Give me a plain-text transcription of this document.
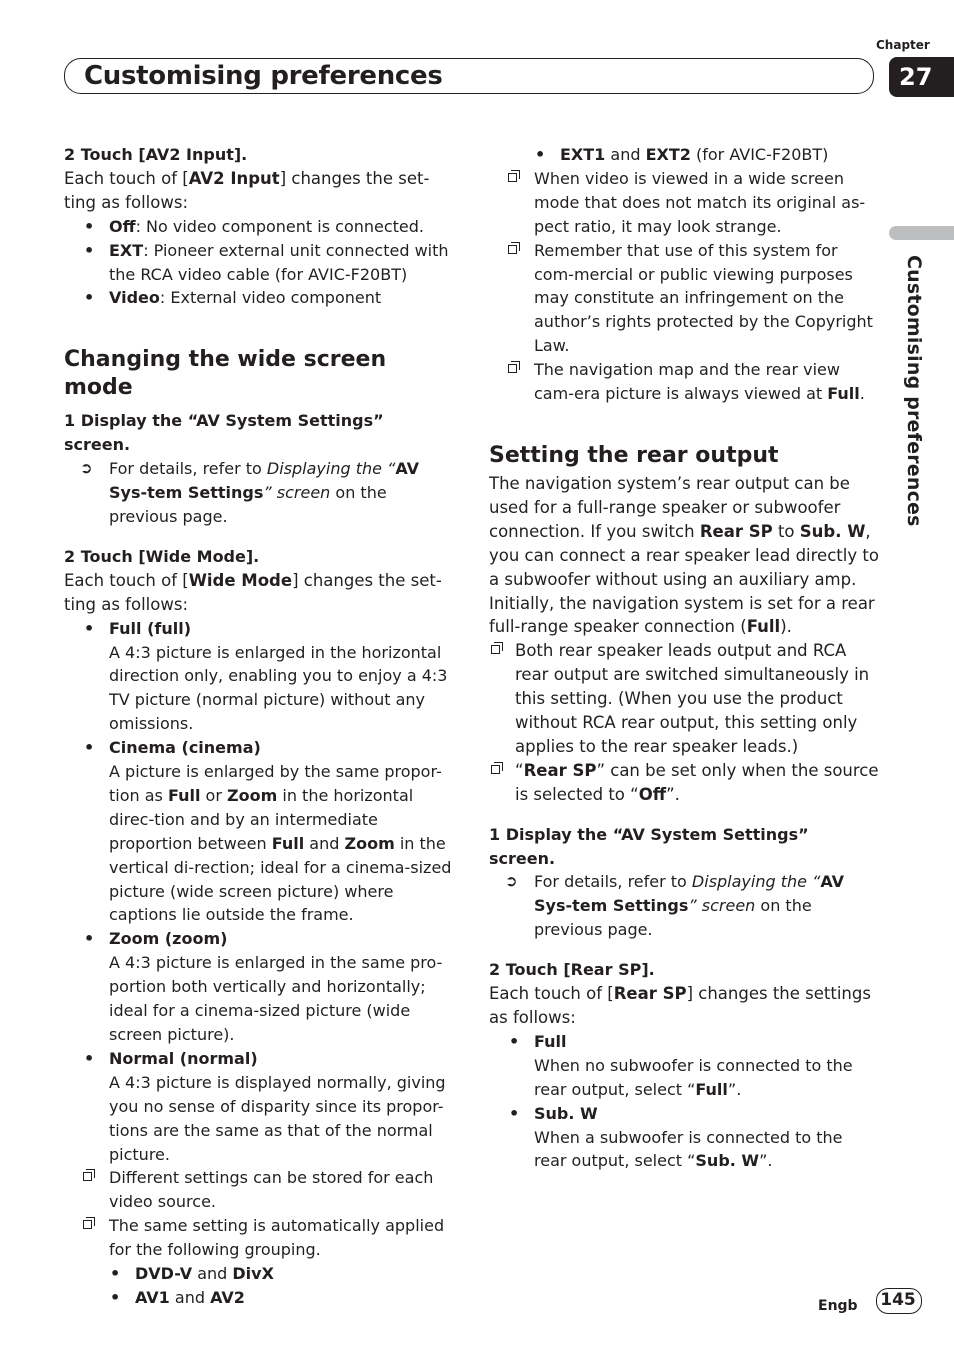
Chapter
Customising preferences	27
Customising preferences

2 Touch [AV2 Input].

Each touch of [AV2 Input] changes the set-ting as follows:

• Off: No video component is connected.
• EXT: Pioneer external unit connected with the RCA video cable (for AVIC-F20BT)
• Video: External video component
Changing the wide screen mode

1 Display the “AV System Settings” screen.

➲ For details, refer to Displaying the “AV Sys-tem Settings” screen on the previous page.

2 Touch [Wide Mode].

Each touch of [Wide Mode] changes the set-ting as follows:

• Full (full)
A 4:3 picture is enlarged in the horizontal direction only, enabling you to enjoy a 4:3 TV picture (normal picture) without any omissions.
• Cinema (cinema)
A picture is enlarged by the same propor-tion as Full or Zoom in the horizontal direc-tion and by an intermediate proportion between Full and Zoom in the vertical di-rection; ideal for a cinema-sized picture (wide screen picture) where captions lie outside the frame.
• Zoom (zoom)
A 4:3 picture is enlarged in the same pro-portion both vertically and horizontally; ideal for a cinema-sized picture (wide screen picture).
• Normal (normal)
A 4:3 picture is displayed normally, giving you no sense of disparity since its propor-tions are the same as that of the normal picture.
Different settings can be stored for each video source.
The same setting is automatically applied for the following grouping.
• DVD-V and DivX
• AV1 and AV2
• EXT1 and EXT2 (for AVIC-F20BT)
When video is viewed in a wide screen mode that does not match its original as-pect ratio, it may look strange.
Remember that use of this system for com-mercial or public viewing purposes may constitute an infringement on the author’s rights protected by the Copyright Law.
The navigation map and the rear view cam-era picture is always viewed at Full.
Setting the rear output

The navigation system’s rear output can be used for a full-range speaker or subwoofer connection. If you switch Rear SP to Sub. W, you can connect a rear speaker lead directly to a subwoofer without using an auxiliary amp. Initially, the navigation system is set for a rear full-range speaker connection (Full).

Both rear speaker leads output and RCA rear output are switched simultaneously in this setting. (When you use the product without RCA rear output, this setting only applies to the rear speaker leads.)
“Rear SP” can be set only when the source is selected to “Off”.

1 Display the “AV System Settings” screen.

➲ For details, refer to Displaying the “AV Sys-tem Settings” screen on the previous page.

2 Touch [Rear SP].

Each touch of [Rear SP] changes the settings as follows:

• Full
When no subwoofer is connected to the rear output, select “Full”.
• Sub. W
When a subwoofer is connected to the rear output, select “Sub. W”.
Engb 145
